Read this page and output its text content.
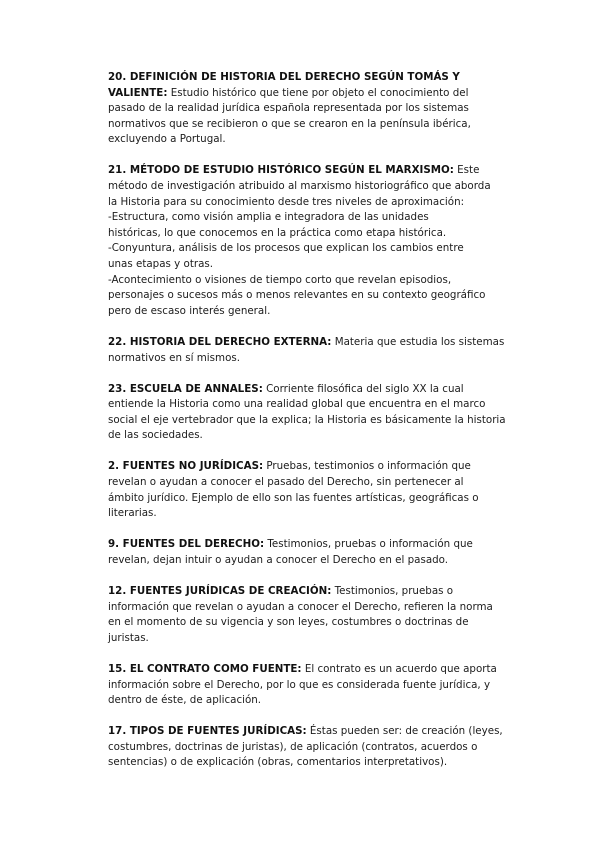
20. DEFINICIÓN DE HISTORIA DEL DERECHO SEGÚN TOMÁS Y
VALIENTE: Estudio histórico que tiene por objeto el conocimiento del
pasado de la realidad jurídica española representada por los sistemas
normativos que se recibieron o que se crearon en la península ibérica,
excluyendo a Portugal.
21. MÉTODO DE ESTUDIO HISTÓRICO SEGÚN EL MARXISMO: Este
método de investigación atribuido al marxismo historiográfico que aborda
la Historia para su conocimiento desde tres niveles de aproximación:
-Estructura, como visión amplia e integradora de las unidades
históricas, lo que conocemos en la práctica como etapa histórica.
-Conyuntura, análisis de los procesos que explican los cambios entre
unas etapas y otras.
-Acontecimiento o visiones de tiempo corto que revelan episodios,
personajes o sucesos más o menos relevantes en su contexto geográfico
pero de escaso interés general.
22. HISTORIA DEL DERECHO EXTERNA: Materia que estudia los sistemas
normativos en sí mismos.
23. ESCUELA DE ANNALES: Corriente filosófica del siglo XX la cual
entiende la Historia como una realidad global que encuentra en el marco
social el eje vertebrador que la explica; la Historia es básicamente la historia
de las sociedades.
2. FUENTES NO JURÍDICAS: Pruebas, testimonios o información que
revelan o ayudan a conocer el pasado del Derecho, sin pertenecer al
ámbito jurídico. Ejemplo de ello son las fuentes artísticas, geográficas o
literarias.
9. FUENTES DEL DERECHO: Testimonios, pruebas o información que
revelan, dejan intuir o ayudan a conocer el Derecho en el pasado.
12. FUENTES JURÍDICAS DE CREACIÓN: Testimonios, pruebas o
información que revelan o ayudan a conocer el Derecho, refieren la norma
en el momento de su vigencia y son leyes, costumbres o doctrinas de
juristas.
15. EL CONTRATO COMO FUENTE: El contrato es un acuerdo que aporta
información sobre el Derecho, por lo que es considerada fuente jurídica, y
dentro de éste, de aplicación.
17. TIPOS DE FUENTES JURÍDICAS: Éstas pueden ser: de creación (leyes,
costumbres, doctrinas de juristas), de aplicación (contratos, acuerdos o
sentencias) o de explicación (obras, comentarios interpretativos).
